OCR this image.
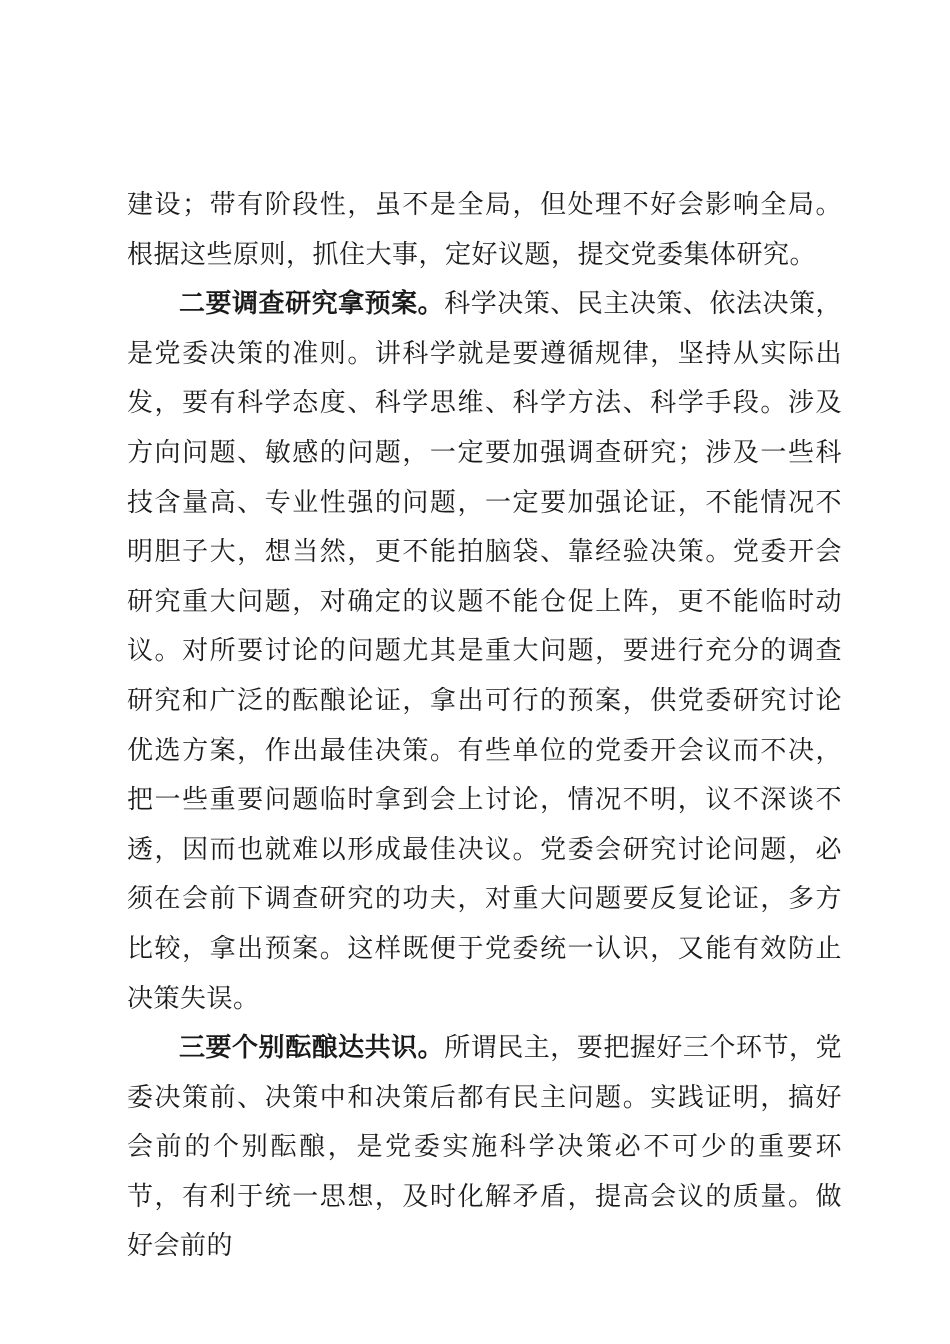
建设；带有阶段性，虽不是全局，但处理不好会影响全局。根据这些原则，抓住大事，定好议题，提交党委集体研究。

二要调查研究拿预案。科学决策、民主决策、依法决策，是党委决策的准则。讲科学就是要遵循规律，坚持从实际出发，要有科学态度、科学思维、科学方法、科学手段。涉及方向问题、敏感的问题，一定要加强调查研究；涉及一些科技含量高、专业性强的问题，一定要加强论证，不能情况不明胆子大，想当然，更不能拍脑袋、靠经验决策。党委开会研究重大问题，对确定的议题不能仓促上阵，更不能临时动议。对所要讨论的问题尤其是重大问题，要进行充分的调查研究和广泛的酝酿论证，拿出可行的预案，供党委研究讨论优选方案，作出最佳决策。有些单位的党委开会议而不决，把一些重要问题临时拿到会上讨论，情况不明，议不深谈不透，因而也就难以形成最佳决议。党委会研究讨论问题，必须在会前下调查研究的功夫，对重大问题要反复论证，多方比较，拿出预案。这样既便于党委统一认识，又能有效防止决策失误。

三要个别酝酿达共识。所谓民主，要把握好三个环节，党委决策前、决策中和决策后都有民主问题。实践证明，搞好会前的个别酝酿，是党委实施科学决策必不可少的重要环节，有利于统一思想，及时化解矛盾，提高会议的质量。做好会前的
